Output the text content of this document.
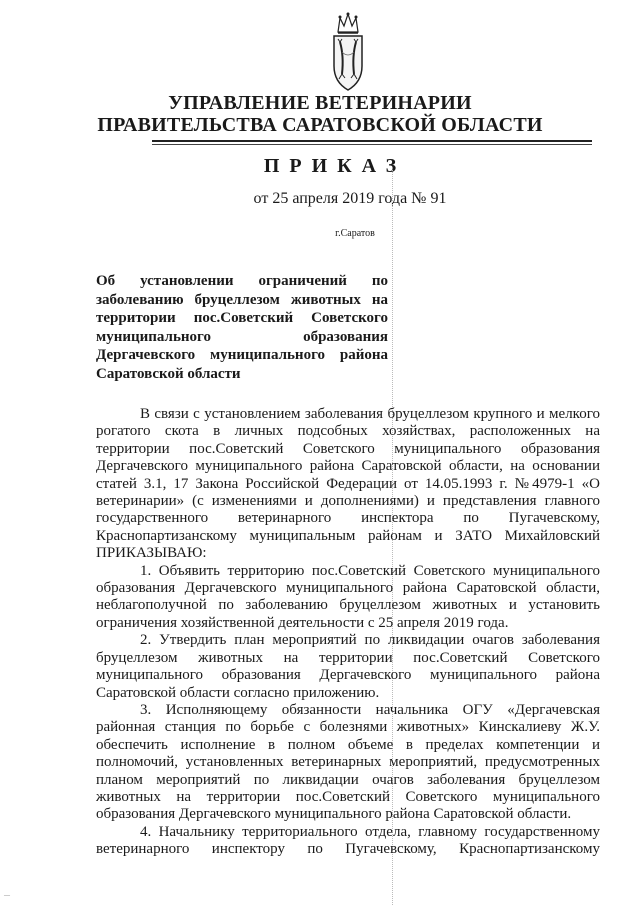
УПРАВЛЕНИЕ ВЕТЕРИНАРИИ
ПРАВИТЕЛЬСТВА САРАТОВСКОЙ ОБЛАСТИ
ПРИКАЗ
от 25 апреля 2019 года № 91
г.Саратов
Об установлении ограничений по
заболеванию бруцеллезом животных на
территории пос.Советский Советского
муниципального образования
Дергачевского муниципального района
Саратовской области
В связи с установлением заболевания бруцеллезом крупного и мелкого
рогатого скота в личных подсобных хозяйствах, расположенных на
территории пос.Советский Советского муниципального образования
Дергачевского муниципального района Саратовской области, на основании
статей 3.1, 17 Закона Российской Федерации от 14.05.1993 г. №4979-1 «О
ветеринарии» (с изменениями и дополнениями) и представления главного
государственного ветеринарного инспектора по Пугачевскому,
Краснопартизанскому муниципальным районам и ЗАТО Михайловский
ПРИКАЗЫВАЮ:
1. Объявить территорию пос.Советский Советского муниципального
образования Дергачевского муниципального района Саратовской области,
неблагополучной по заболеванию бруцеллезом животных и установить
ограничения хозяйственной деятельности с 25 апреля 2019 года.
2. Утвердить план мероприятий по ликвидации очагов заболевания
бруцеллезом животных на территории пос.Советский Советского
муниципального образования Дергачевского муниципального района
Саратовской области согласно приложению.
3. Исполняющему обязанности начальника ОГУ «Дергачевская
районная станция по борьбе с болезнями животных» Кинскалиеву Ж.У.
обеспечить исполнение в полном объеме в пределах компетенции и
полномочий, установленных ветеринарных мероприятий, предусмотренных
планом мероприятий по ликвидации очагов заболевания бруцеллезом
животных на территории пос.Советский Советского муниципального
образования Дергачевского муниципального района Саратовской области.
4. Начальнику территориального отдела, главному государственному
ветеринарного инспектору по Пугачевскому, Краснопартизанскому
—
